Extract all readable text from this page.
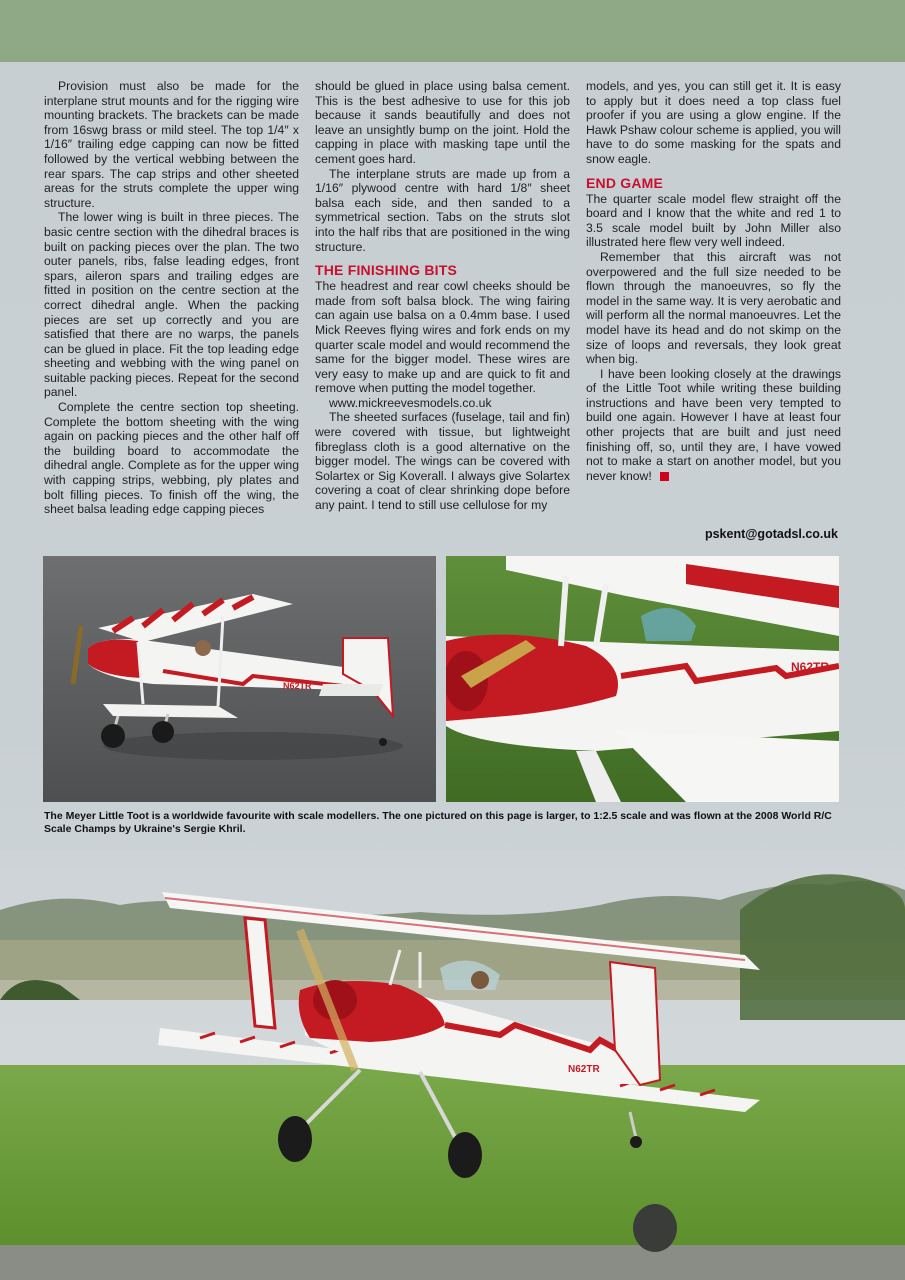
Provision must also be made for the interplane strut mounts and for the rigging wire mounting brackets. The brackets can be made from 16swg brass or mild steel. The top 1/4″ x 1/16″ trailing edge capping can now be fitted followed by the vertical webbing between the rear spars. The cap strips and other sheeted areas for the struts complete the upper wing structure.

The lower wing is built in three pieces. The basic centre section with the dihedral braces is built on packing pieces over the plan. The two outer panels, ribs, false leading edges, front spars, aileron spars and trailing edges are fitted in position on the centre section at the correct dihedral angle. When the packing pieces are set up correctly and you are satisfied that there are no warps, the panels can be glued in place. Fit the top leading edge sheeting and webbing with the wing panel on suitable packing pieces. Repeat for the second panel.

Complete the centre section top sheeting. Complete the bottom sheeting with the wing again on packing pieces and the other half off the building board to accommodate the dihedral angle. Complete as for the upper wing with capping strips, webbing, ply plates and bolt filling pieces. To finish off the wing, the sheet balsa leading edge capping pieces

should be glued in place using balsa cement. This is the best adhesive to use for this job because it sands beautifully and does not leave an unsightly bump on the joint. Hold the capping in place with masking tape until the cement goes hard.

The interplane struts are made up from a 1/16″ plywood centre with hard 1/8″ sheet balsa each side, and then sanded to a symmetrical section. Tabs on the struts slot into the half ribs that are positioned in the wing structure.

THE FINISHING BITS

The headrest and rear cowl cheeks should be made from soft balsa block. The wing fairing can again use balsa on a 0.4mm base. I used Mick Reeves flying wires and fork ends on my quarter scale model and would recommend the same for the bigger model. These wires are very easy to make up and are quick to fit and remove when putting the model together.

www.mickreevesmodels.co.uk

The sheeted surfaces (fuselage, tail and fin) were covered with tissue, but lightweight fibreglass cloth is a good alternative on the bigger model. The wings can be covered with Solartex or Sig Koverall. I always give Solartex covering a coat of clear shrinking dope before any paint. I tend to still use cellulose for my

models, and yes, you can still get it. It is easy to apply but it does need a top class fuel proofer if you are using a glow engine. If the Hawk Pshaw colour scheme is applied, you will have to do some masking for the spats and snow eagle.

END GAME

The quarter scale model flew straight off the board and I know that the white and red 1 to 3.5 scale model built by John Miller also illustrated here flew very well indeed.

Remember that this aircraft was not overpowered and the full size needed to be flown through the manoeuvres, so fly the model in the same way. It is very aerobatic and will perform all the normal manoeuvres. Let the model have its head and do not skimp on the size of loops and reversals, they look great when big.

I have been looking closely at the drawings of the Little Toot while writing these building instructions and have been very tempted to build one again. However I have at least four other projects that are built and just need finishing off, so, until they are, I have vowed not to make a start on another model, but you never know!

pskent@gotadsl.co.uk
N62TR
N62TR
The Meyer Little Toot is a worldwide favourite with scale modellers. The one pictured on this page is larger, to 1:2.5 scale and was flown at the 2008 World R/C Scale Champs by Ukraine's Sergie Khril.
N62TR
